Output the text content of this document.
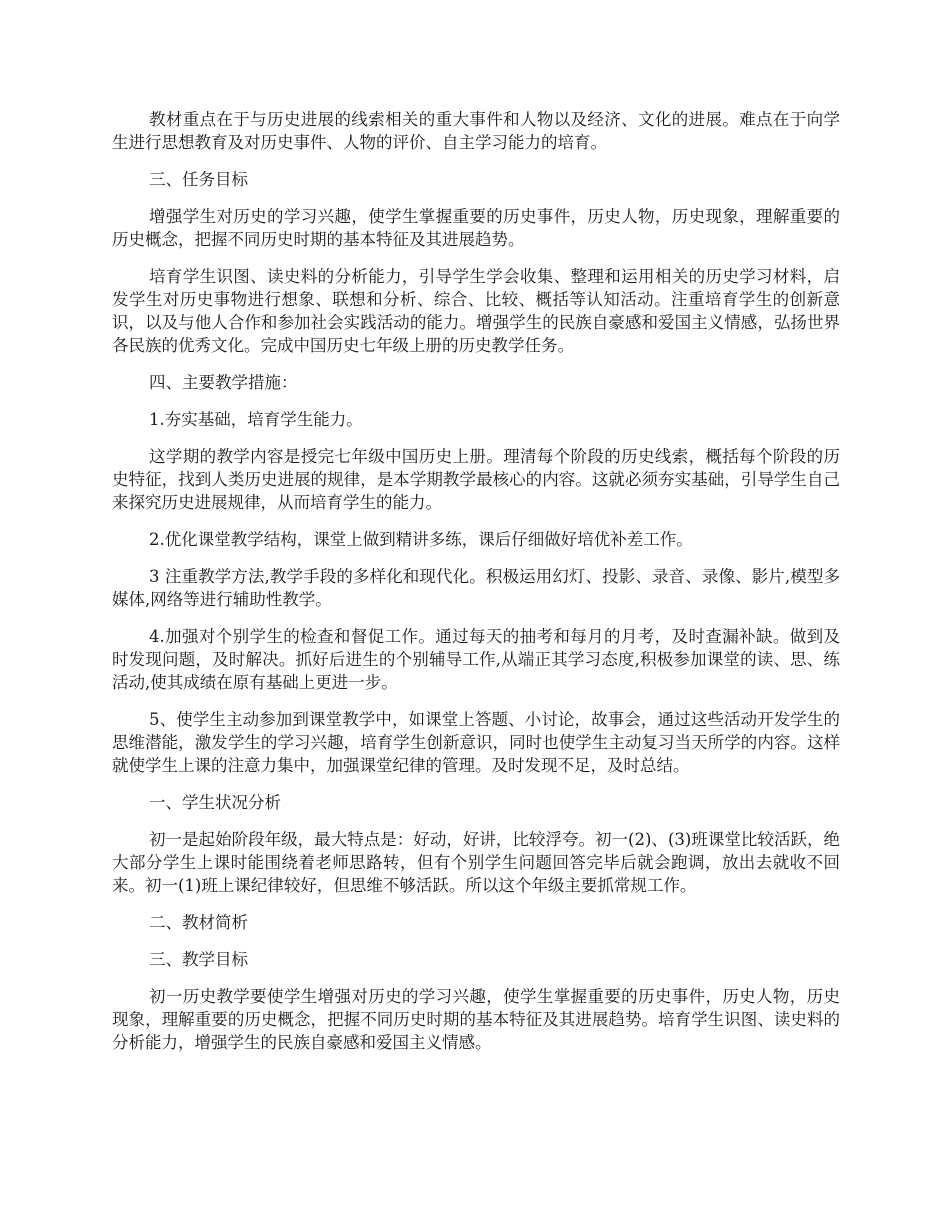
教材重点在于与历史进展的线索相关的重大事件和人物以及经济、文化的进展。难点在于向学生进行思想教育及对历史事件、人物的评价、自主学习能力的培育。

三、任务目标

增强学生对历史的学习兴趣，使学生掌握重要的历史事件，历史人物，历史现象，理解重要的历史概念，把握不同历史时期的基本特征及其进展趋势。

培育学生识图、读史料的分析能力，引导学生学会收集、整理和运用相关的历史学习材料，启发学生对历史事物进行想象、联想和分析、综合、比较、概括等认知活动。注重培育学生的创新意识，以及与他人合作和参加社会实践活动的能力。增强学生的民族自豪感和爱国主义情感，弘扬世界各民族的优秀文化。完成中国历史七年级上册的历史教学任务。

四、主要教学措施：

1.夯实基础，培育学生能力。

这学期的教学内容是授完七年级中国历史上册。理清每个阶段的历史线索，概括每个阶段的历史特征，找到人类历史进展的规律，是本学期教学最核心的内容。这就必须夯实基础，引导学生自己来探究历史进展规律，从而培育学生的能力。

2.优化课堂教学结构，课堂上做到精讲多练，课后仔细做好培优补差工作。

3 注重教学方法,教学手段的多样化和现代化。积极运用幻灯、投影、录音、录像、影片,模型多媒体,网络等进行辅助性教学。

4.加强对个别学生的检查和督促工作。通过每天的抽考和每月的月考，及时查漏补缺。做到及时发现问题，及时解决。抓好后进生的个别辅导工作,从端正其学习态度,积极参加课堂的读、思、练活动,使其成绩在原有基础上更进一步。

5、使学生主动参加到课堂教学中，如课堂上答题、小讨论，故事会，通过这些活动开发学生的思维潜能，激发学生的学习兴趣，培育学生创新意识，同时也使学生主动复习当天所学的内容。这样就使学生上课的注意力集中，加强课堂纪律的管理。及时发现不足，及时总结。

一、学生状况分析

初一是起始阶段年级，最大特点是：好动，好讲，比较浮夸。初一(2)、(3)班课堂比较活跃，绝大部分学生上课时能围绕着老师思路转，但有个别学生问题回答完毕后就会跑调，放出去就收不回来。初一(1)班上课纪律较好，但思维不够活跃。所以这个年级主要抓常规工作。

二、教材简析

三、教学目标

初一历史教学要使学生增强对历史的学习兴趣，使学生掌握重要的历史事件，历史人物，历史现象，理解重要的历史概念，把握不同历史时期的基本特征及其进展趋势。培育学生识图、读史料的分析能力，增强学生的民族自豪感和爱国主义情感。
